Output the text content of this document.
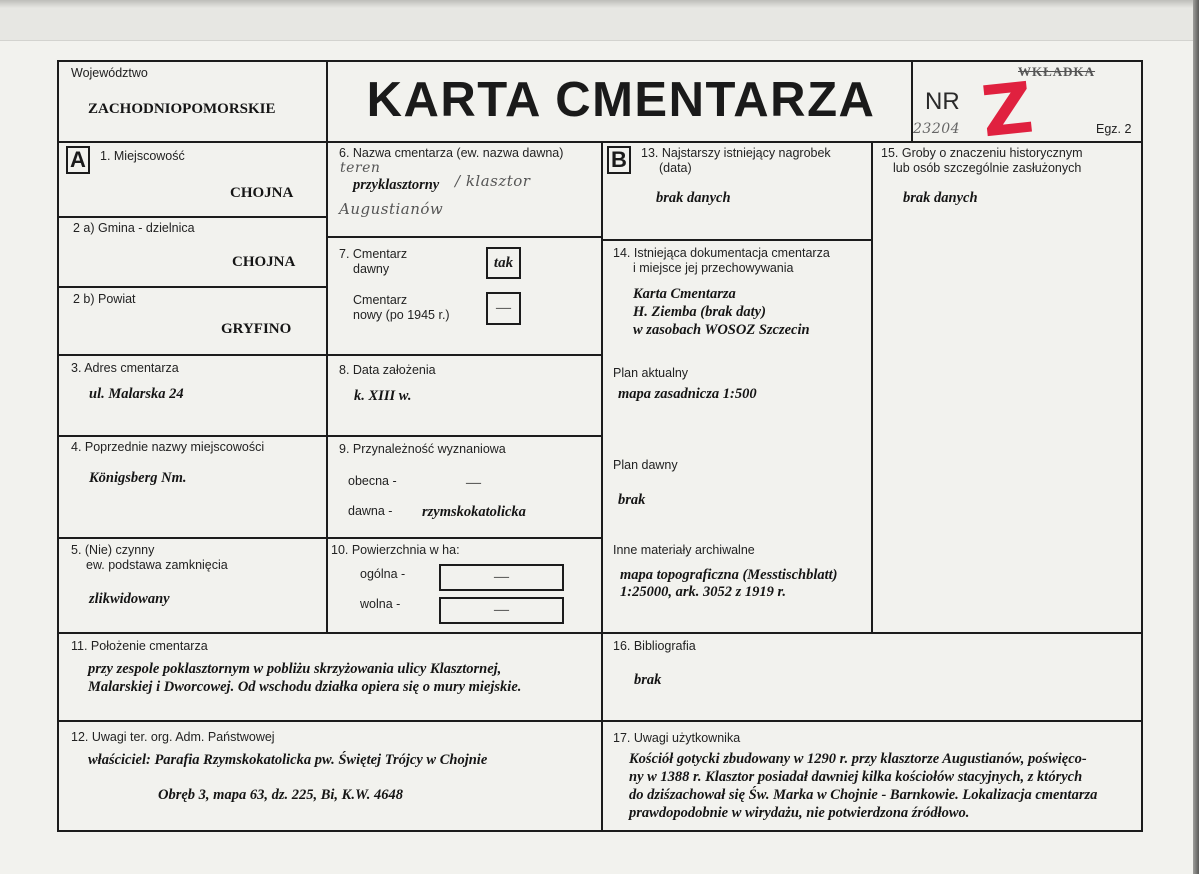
Województwo
ZACHODNIOPOMORSKIE	KARTA CMENTARZA	NR
23204 Z
WKŁADKA
Egz. 2
A	1. Miejscowość
CHOJNA
2 a) Gmina - dzielnica
CHOJNA
2 b) Powiat
GRYFINO
3. Adres cmentarza
ul. Malarska 24
4. Poprzednie nazwy miejscowości
Königsberg Nm.
5. (Nie) czynny
ew. podstawa zamknięcia
zlikwidowany
6. Nazwa cmentarza (ew. nazwa dawna)
teren
przyklasztorny / klasztor
Augustianów
7. Cmentarz
dawny	tak
Cmentarz
nowy (po 1945 r.)	—
8. Data założenia
k. XIII w.
9. Przynależność wyznaniowa
obecna -	—
dawna - rzymskokatolicka
10. Powierzchnia w ha:
ogólna -	—
wolna -	—
B	13. Najstarszy istniejący nagrobek
(data)
brak danych
14. Istniejąca dokumentacja cmentarza
i miejsce jej przechowywania
Karta Cmentarza
H. Ziemba (brak daty)
w zasobach WOSOZ Szczecin
Plan aktualny
mapa zasadnicza 1:500
Plan dawny
brak
Inne materiały archiwalne
mapa topograficzna (Messtischblatt)
1:25000, ark. 3052 z 1919 r.
15. Groby o znaczeniu historycznym
lub osób szczególnie zasłużonych
brak danych
11. Położenie cmentarza
przy zespole poklasztornym w pobliżu skrzyżowania ulicy Klasztornej,
Malarskiej i Dworcowej. Od wschodu działka opiera się o mury miejskie.
16. Bibliografia
brak
12. Uwagi ter. org. Adm. Państwowej
właściciel: Parafia Rzymskokatolicka pw. Świętej Trójcy w Chojnie
Obręb 3, mapa 63, dz. 225, Bi, K.W. 4648
17. Uwagi użytkownika
Kościół gotycki zbudowany w 1290 r. przy klasztorze Augustianów, poświęco-
ny w 1388 r. Klasztor posiadał dawniej kilka kościołów stacyjnych, z których
do dziśzachował się Św. Marka w Chojnie - Barnkowie. Lokalizacja cmentarza
prawdopodobnie w wirydażu, nie potwierdzona źródłowo.
